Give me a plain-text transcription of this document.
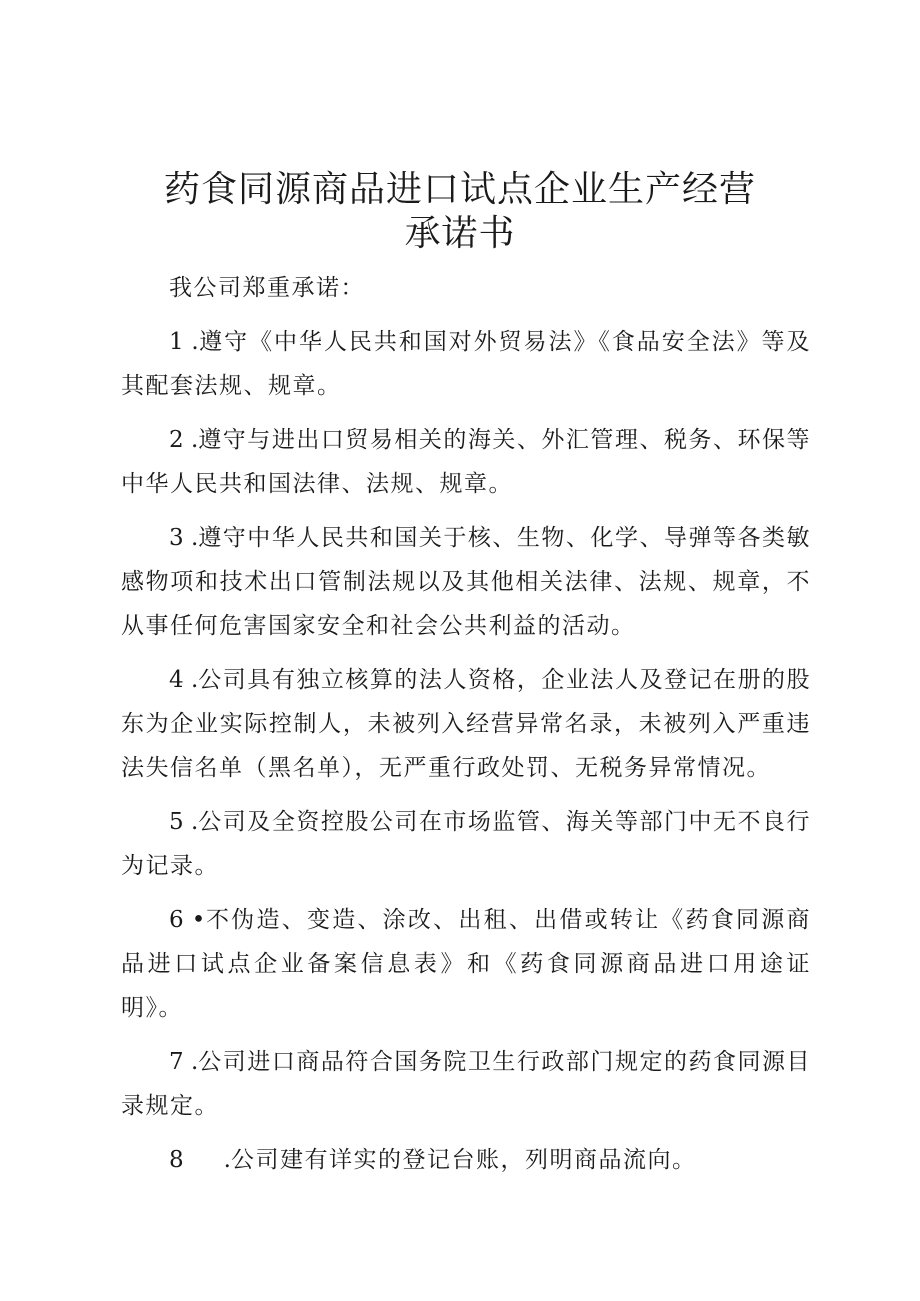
药食同源商品进口试点企业生产经营
承诺书

我公司郑重承诺：

1 .遵守《中华人民共和国对外贸易法》《食品安全法》等及其配套法规、规章。

2 .遵守与进出口贸易相关的海关、外汇管理、税务、环保等中华人民共和国法律、法规、规章。

3 .遵守中华人民共和国关于核、生物、化学、导弹等各类敏感物项和技术出口管制法规以及其他相关法律、法规、规章，不从事任何危害国家安全和社会公共利益的活动。

4 .公司具有独立核算的法人资格，企业法人及登记在册的股东为企业实际控制人，未被列入经营异常名录，未被列入严重违法失信名单（黑名单），无严重行政处罚、无税务异常情况。

5 .公司及全资控股公司在市场监管、海关等部门中无不良行为记录。

6 •不伪造、变造、涂改、出租、出借或转让《药食同源商品进口试点企业备案信息表》和《药食同源商品进口用途证明》。

7 .公司进口商品符合国务院卫生行政部门规定的药食同源目录规定。

8 .公司建有详实的登记台账，列明商品流向。
